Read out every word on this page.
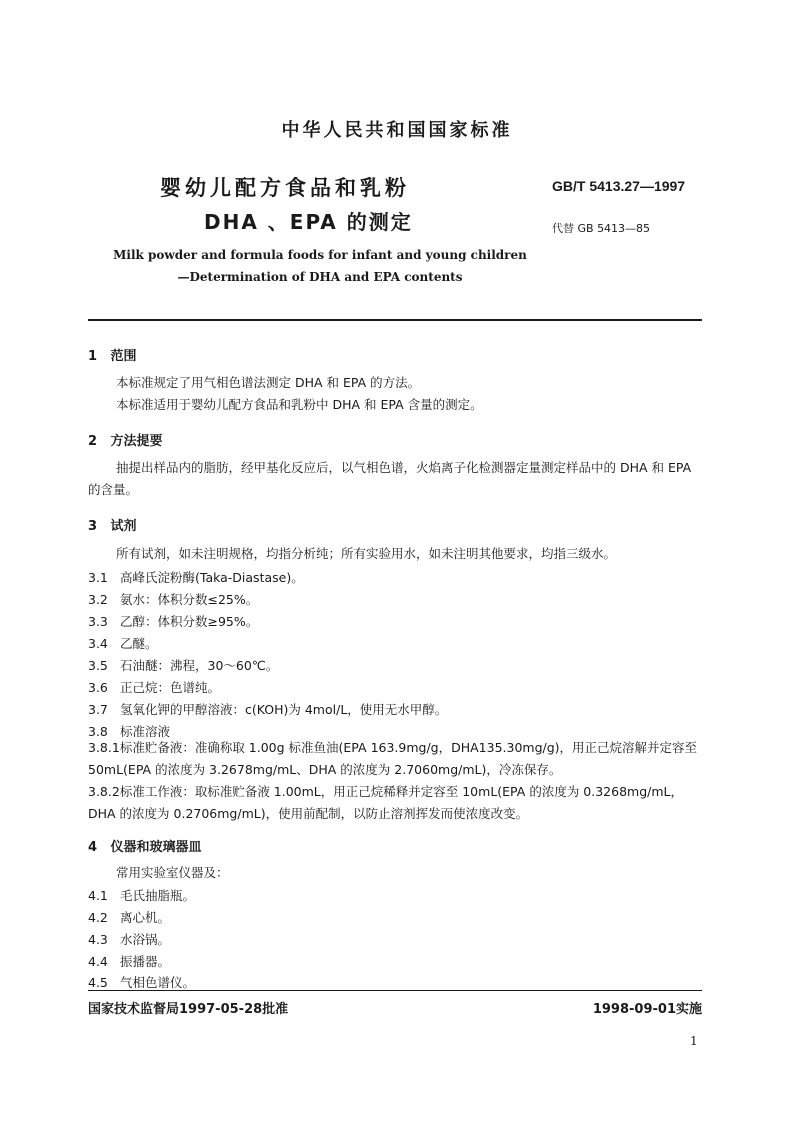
中华人民共和国国家标准
婴幼儿配方食品和乳粉
DHA 、EPA 的测定
GB/T 5413.27—1997
代替 GB 5413—85
Milk powder and formula foods for infant and young children
—Determination of DHA and EPA contents
1 范围
本标准规定了用气相色谱法测定 DHA 和 EPA 的方法。
本标准适用于婴幼儿配方食品和乳粉中 DHA 和 EPA 含量的测定。
2 方法提要
抽提出样品内的脂肪，经甲基化反应后，以气相色谱，火焰离子化检测器定量测定样品中的 DHA 和 EPA 的含量。
3 试剂
所有试剂，如未注明规格，均指分析纯；所有实验用水，如未注明其他要求，均指三级水。
3.1 高峰氏淀粉酶(Taka-Diastase)。
3.2 氨水：体积分数≤25%。
3.3 乙醇：体积分数≥95%。
3.4 乙醚。
3.5 石油醚：沸程，30～60℃。
3.6 正己烷：色谱纯。
3.7 氢氧化钾的甲醇溶液：c(KOH)为 4mol/L，使用无水甲醇。
3.8 标准溶液
3.8.1标准贮备液：准确称取 1.00g 标准鱼油(EPA 163.9mg/g，DHA135.30mg/g)，用正己烷溶解并定容至 50mL(EPA 的浓度为 3.2678mg/mL、DHA 的浓度为 2.7060mg/mL)，冷冻保存。
3.8.2标准工作液：取标准贮备液 1.00mL，用正己烷稀释并定容至 10mL(EPA 的浓度为 0.3268mg/mL，DHA 的浓度为 0.2706mg/mL)，使用前配制，以防止溶剂挥发而使浓度改变。
4 仪器和玻璃器皿
常用实验室仪器及：
4.1 毛氏抽脂瓶。
4.2 离心机。
4.3 水浴锅。
4.4 振播器。
4.5 气相色谱仪。
国家技术监督局1997-05-28批准	1998-09-01实施
1
